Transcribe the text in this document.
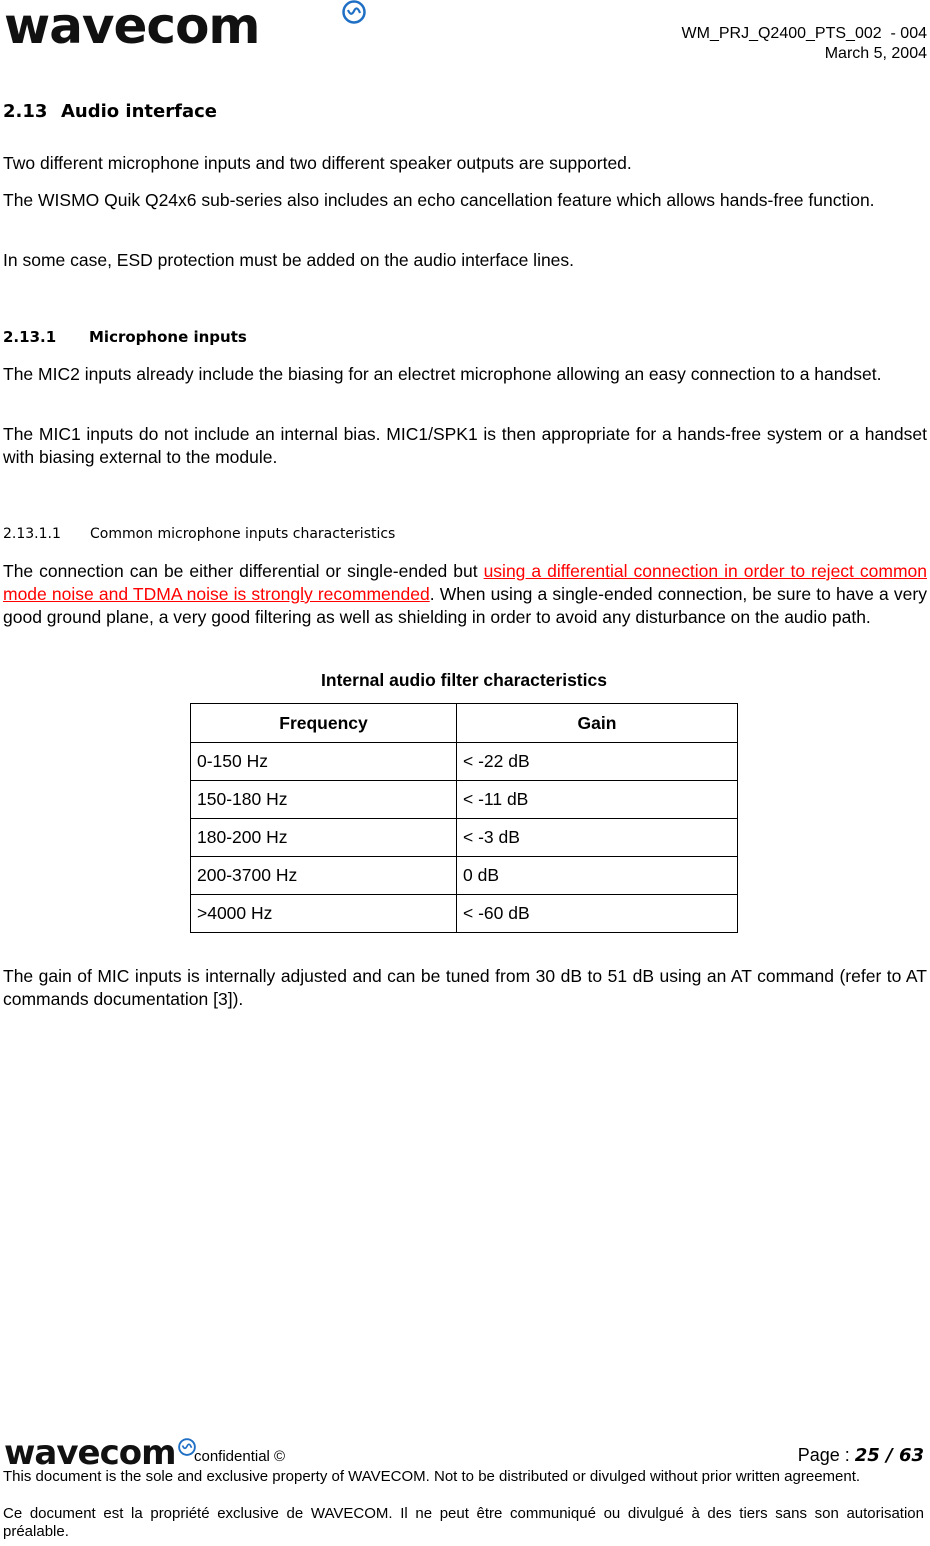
wavecom	WM_PRJ_Q2400_PTS_002  - 004
March 5, 2004
2.13 Audio interface

Two different microphone inputs and two different speaker outputs are supported.

The WISMO Quik Q24x6 sub-series also includes an echo cancellation feature which allows hands-free function.

In some case, ESD protection must be added on the audio interface lines.

2.13.1 Microphone inputs

The MIC2 inputs already include the biasing for an electret microphone allowing an easy connection to a handset.

The MIC1 inputs do not include an internal bias. MIC1/SPK1 is then appropriate for a hands-free system or a handset with biasing external to the module.

2.13.1.1 Common microphone inputs characteristics

The connection can be either differential or single-ended but using a differential connection in order to reject common mode noise and TDMA noise is strongly recommended. When using a single-ended connection, be sure to have a very good ground plane, a very good filtering as well as shielding in order to avoid any disturbance on the audio path.

Internal audio filter characteristics
Frequency	Gain
0-150 Hz	< -22 dB
150-180 Hz	< -11 dB
180-200 Hz	< -3 dB
200-3700 Hz	0 dB
>4000 Hz	< -60 dB

The gain of MIC inputs is internally adjusted and can be tuned from 30 dB to 51 dB using an AT command (refer to AT commands documentation [3]).

wavecom confidential ©	Page : 25 / 63

This document is the sole and exclusive property of WAVECOM. Not to be distributed or divulged without prior written agreement.

Ce document est la propriété exclusive de WAVECOM. Il ne peut être communiqué ou divulgué à des tiers sans son autorisation préalable.
